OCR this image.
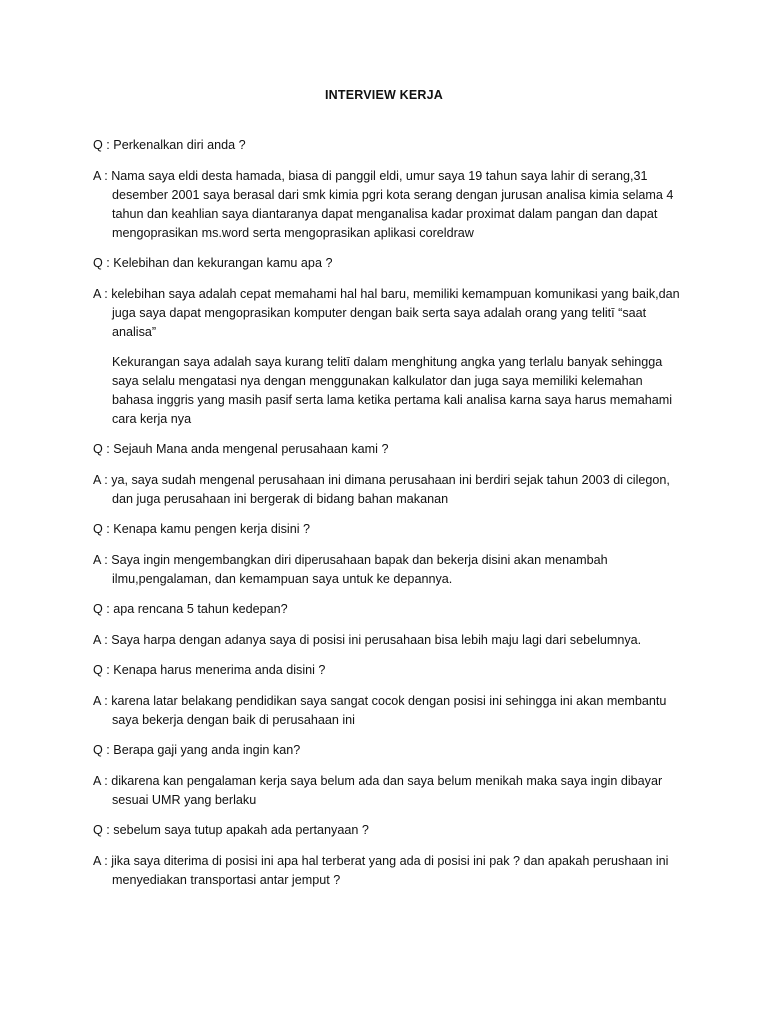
INTERVIEW KERJA
Q : Perkenalkan diri anda ?
A : Nama saya eldi desta hamada, biasa di panggil eldi, umur saya 19 tahun saya lahir di serang,31 desember 2001 saya berasal dari smk kimia pgri kota serang dengan jurusan analisa kimia selama 4 tahun dan keahlian saya diantaranya dapat menganalisa kadar proximat dalam pangan dan dapat mengoprasikan ms.word serta mengoprasikan aplikasi coreldraw
Q : Kelebihan dan kekurangan kamu apa ?
A : kelebihan saya adalah cepat memahami hal hal baru, memiliki kemampuan komunikasi yang baik,dan juga saya dapat mengoprasikan komputer dengan baik serta saya adalah orang yang telitī “saat analisa”
Kekurangan saya adalah saya kurang telitī dalam menghitung angka yang terlalu banyak sehingga saya selalu mengatasi nya dengan menggunakan kalkulator dan juga saya memiliki kelemahan bahasa inggris yang masih pasif serta lama ketika pertama kali analisa karna saya harus memahami cara kerja nya
Q : Sejauh Mana anda mengenal perusahaan kami ?
A : ya, saya sudah mengenal perusahaan ini dimana perusahaan ini berdiri sejak tahun 2003 di cilegon, dan juga perusahaan ini bergerak di bidang bahan makanan
Q : Kenapa kamu pengen kerja disini ?
A : Saya ingin mengembangkan diri diperusahaan bapak dan bekerja disini akan menambah ilmu,pengalaman, dan kemampuan saya untuk ke depannya.
Q : apa rencana 5 tahun kedepan?
A : Saya harpa dengan adanya saya di posisi ini perusahaan bisa lebih maju lagi dari sebelumnya.
Q : Kenapa harus menerima anda disini ?
A : karena latar belakang pendidikan saya sangat cocok dengan posisi ini sehingga ini akan membantu saya bekerja dengan baik di perusahaan ini
Q : Berapa gaji yang anda ingin kan?
A : dikarena kan pengalaman kerja saya belum ada dan saya belum menikah maka saya ingin dibayar sesuai UMR yang berlaku
Q : sebelum saya tutup apakah ada pertanyaan ?
A : jika saya diterima di posisi ini apa hal terberat yang ada di posisi ini pak ? dan apakah perushaan ini menyediakan transportasi antar jemput ?
